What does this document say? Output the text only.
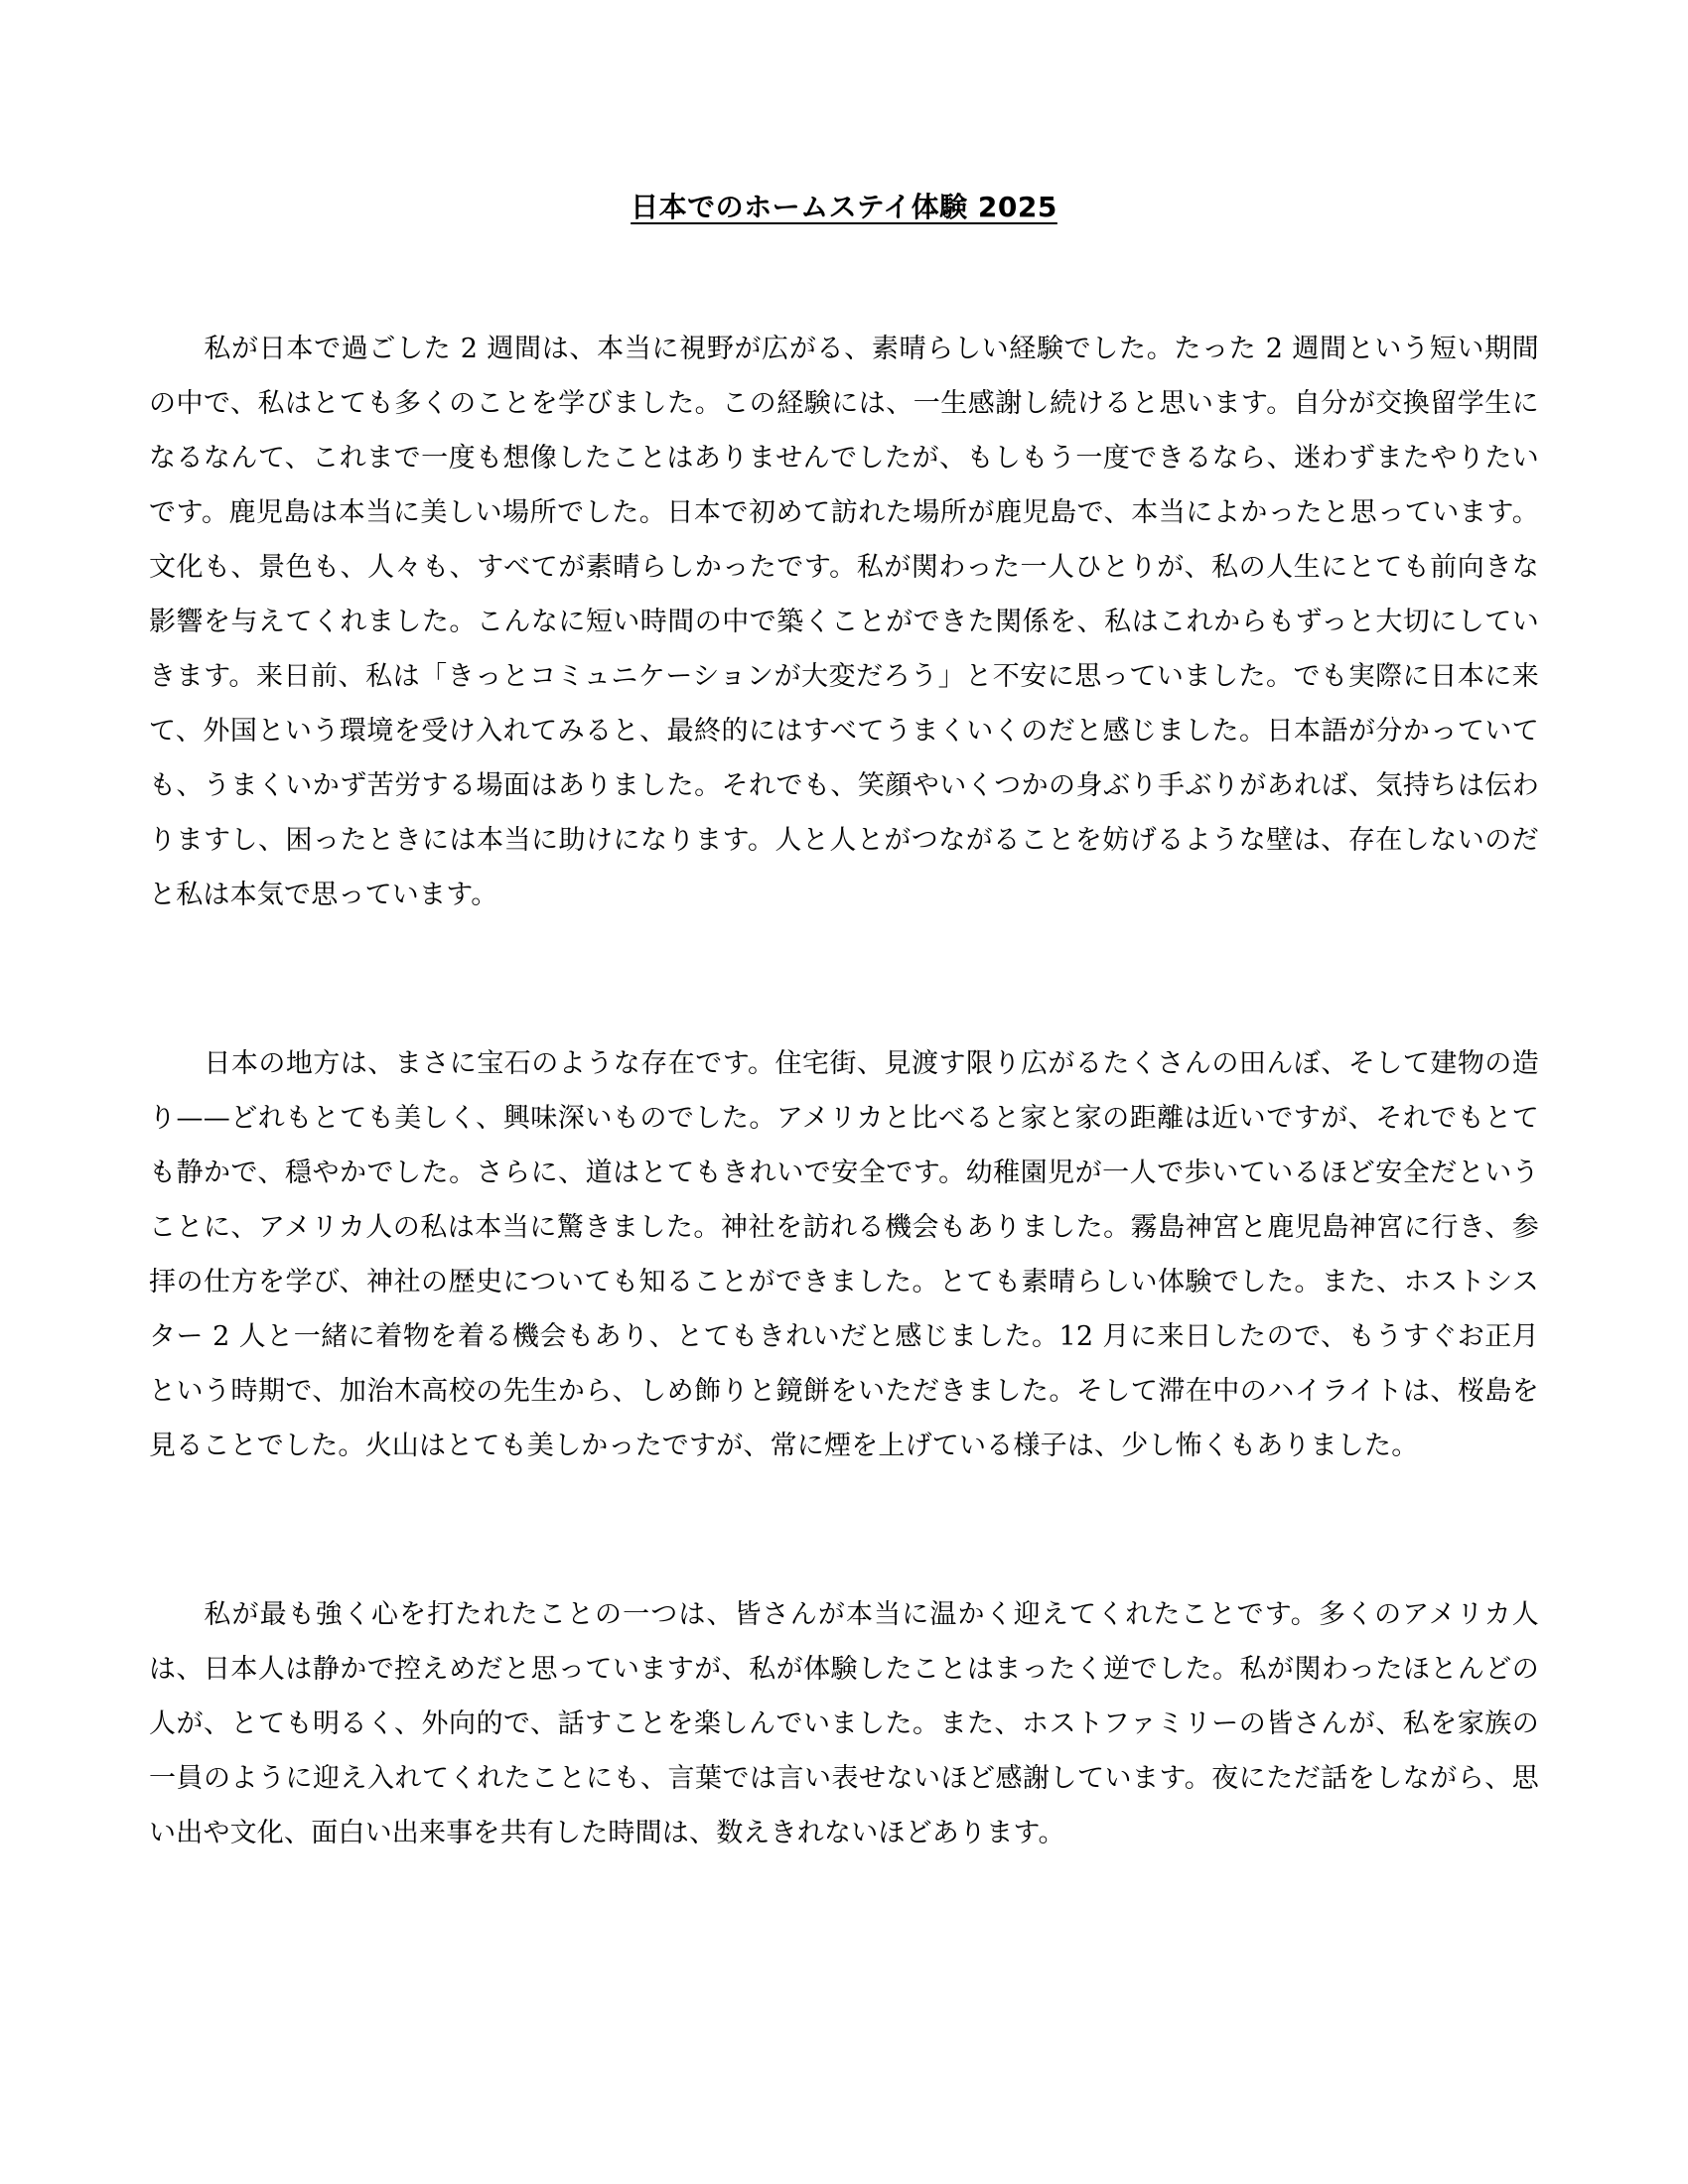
日本でのホームステイ体験 2025

私が日本で過ごした 2 週間は、本当に視野が広がる、素晴らしい経験でした。たった 2 週間という短い期間の中で、私はとても多くのことを学びました。この経験には、一生感謝し続けると思います。自分が交換留学生になるなんて、これまで一度も想像したことはありませんでしたが、もしもう一度できるなら、迷わずまたやりたいです。鹿児島は本当に美しい場所でした。日本で初めて訪れた場所が鹿児島で、本当によかったと思っています。文化も、景色も、人々も、すべてが素晴らしかったです。私が関わった一人ひとりが、私の人生にとても前向きな影響を与えてくれました。こんなに短い時間の中で築くことができた関係を、私はこれからもずっと大切にしていきます。来日前、私は「きっとコミュニケーションが大変だろう」と不安に思っていました。でも実際に日本に来て、外国という環境を受け入れてみると、最終的にはすべてうまくいくのだと感じました。日本語が分かっていても、うまくいかず苦労する場面はありました。それでも、笑顔やいくつかの身ぶり手ぶりがあれば、気持ちは伝わりますし、困ったときには本当に助けになります。人と人とがつながることを妨げるような壁は、存在しないのだと私は本気で思っています。

日本の地方は、まさに宝石のような存在です。住宅街、見渡す限り広がるたくさんの田んぼ、そして建物の造り——どれもとても美しく、興味深いものでした。アメリカと比べると家と家の距離は近いですが、それでもとても静かで、穏やかでした。さらに、道はとてもきれいで安全です。幼稚園児が一人で歩いているほど安全だということに、アメリカ人の私は本当に驚きました。神社を訪れる機会もありました。霧島神宮と鹿児島神宮に行き、参拝の仕方を学び、神社の歴史についても知ることができました。とても素晴らしい体験でした。また、ホストシスター 2 人と一緒に着物を着る機会もあり、とてもきれいだと感じました。12 月に来日したので、もうすぐお正月という時期で、加治木高校の先生から、しめ飾りと鏡餅をいただきました。そして滞在中のハイライトは、桜島を見ることでした。火山はとても美しかったですが、常に煙を上げている様子は、少し怖くもありました。

私が最も強く心を打たれたことの一つは、皆さんが本当に温かく迎えてくれたことです。多くのアメリカ人は、日本人は静かで控えめだと思っていますが、私が体験したことはまったく逆でした。私が関わったほとんどの人が、とても明るく、外向的で、話すことを楽しんでいました。また、ホストファミリーの皆さんが、私を家族の一員のように迎え入れてくれたことにも、言葉では言い表せないほど感謝しています。夜にただ話をしながら、思い出や文化、面白い出来事を共有した時間は、数えきれないほどあります。
